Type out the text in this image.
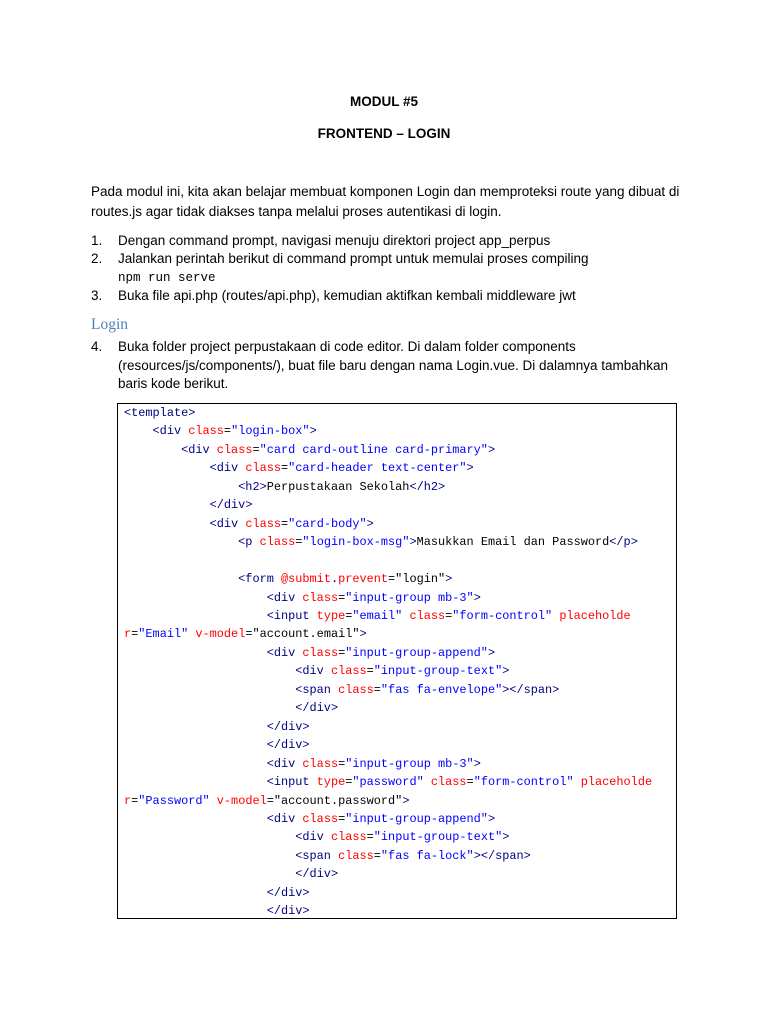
MODUL #5
FRONTEND – LOGIN
Pada modul ini, kita akan belajar membuat komponen Login dan memproteksi route yang dibuat di routes.js agar tidak diakses tanpa melalui proses autentikasi di login.
1. Dengan command prompt, navigasi menuju direktori project app_perpus
2. Jalankan perintah berikut di command prompt untuk memulai proses compiling
npm run serve
3. Buka file api.php (routes/api.php), kemudian aktifkan kembali middleware jwt
Login
4. Buka folder project perpustakaan di code editor. Di dalam folder components (resources/js/components/), buat file baru dengan nama Login.vue. Di dalamnya tambahkan baris kode berikut.
<template>
<div class="login-box">
<div class="card card-outline card-primary">
<div class="card-header text-center">
<h2>Perpustakaan Sekolah</h2>
</div>
<div class="card-body">
<p class="login-box-msg">Masukkan Email dan Password</p>

<form @submit.prevent="login">
<div class="input-group mb-3">
<input type="email" class="form-control" placeholde
r="Email" v-model="account.email">
<div class="input-group-append">
<div class="input-group-text">
<span class="fas fa-envelope"></span>
</div>
</div>
</div>
<div class="input-group mb-3">
<input type="password" class="form-control" placeholde
r="Password" v-model="account.password">
<div class="input-group-append">
<div class="input-group-text">
<span class="fas fa-lock"></span>
</div>
</div>
</div>
